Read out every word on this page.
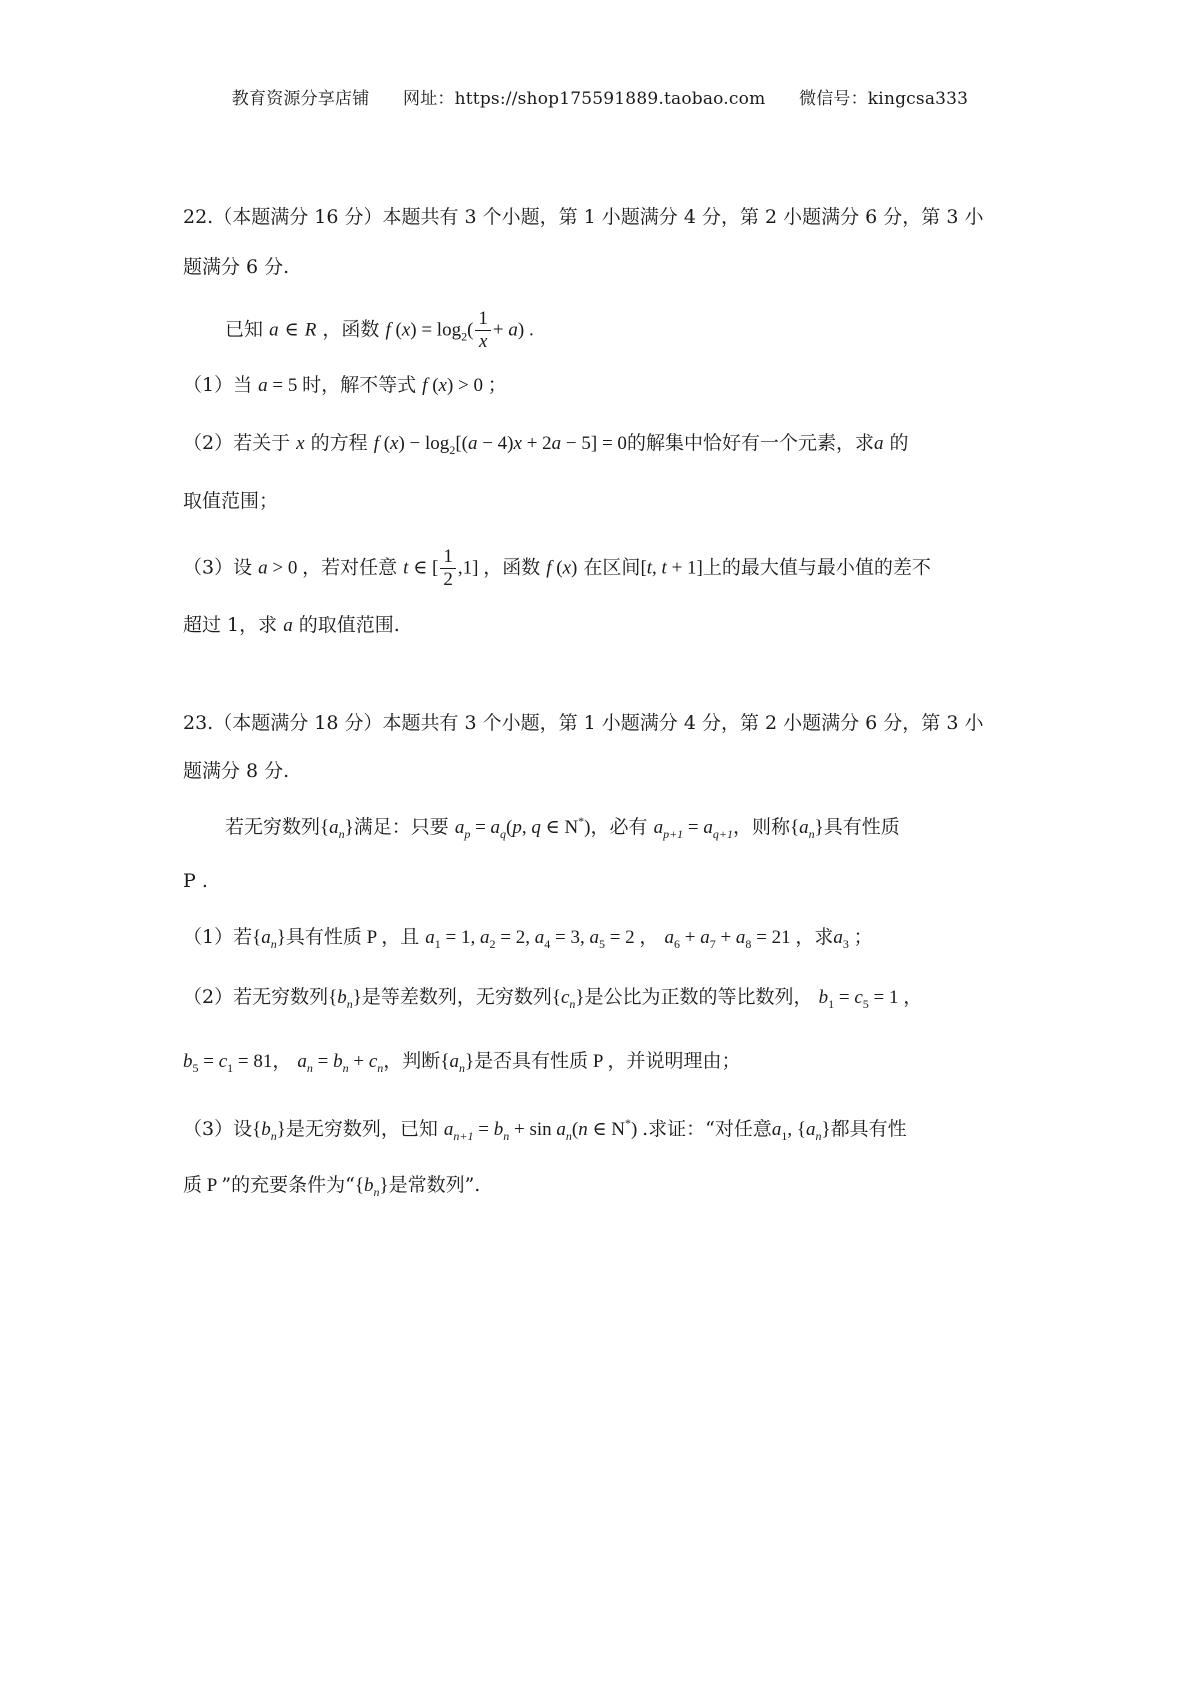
教育资源分享店铺 网址：https://shop175591889.taobao.com 微信号：kingcsa333
22.（本题满分 16 分）本题共有 3 个小题，第 1 小题满分 4 分，第 2 小题满分 6 分，第 3 小
题满分 6 分.
已知 a ∈ R ，函数 f $(x) = \log_2( \frac{1}{x} + a)$ .
（1）当 a = 5 时，解不等式 f (x) > 0 ；
（2）若关于 x 的方程 f $(x) - \log_2[(a - 4)x + 2a - 5] = 0$的解集中恰好有一个元素，求a 的
取值范围；
（3）设 a > 0 ，若对任意 t ∈ [ $\frac{1}{2} ,1$] ，函数 f (x) 在区间[t, t + 1]上的最大值与最小值的差不
超过 1，求 a 的取值范围.
23.（本题满分 18 分）本题共有 3 个小题，第 1 小题满分 4 分，第 2 小题满分 6 分，第 3 小
题满分 8 分.
若无穷数列$\{a_n\}$满足：只要 $a_p = a_q(p$, q ∈ N*)，必有 $a_{p+1} = a_{q+1}$，则称$\{a_n\}$具有性质
P .
（1）若$\{a_n\}$具有性质 P ，且 $a_1 = 1$, $a_2 = 2$, $a_4 = 3$, $a_5 = 2$ ， $a_6 + a_7 + a_8 = 21$ ，求$a_3$ ；
（2）若无穷数列$\{b_n\}$是等差数列，无穷数列$\{c_n\}$是公比为正数的等比数列， $b_1 = c_5 = 1$ ，
$b_5 = c_1 = 81$， $a_n = b_n + c_n$，判断$\{a_n\}$是否具有性质 P ，并说明理由；
（3）设$\{b_n\}$是无穷数列，已知 $a_{n+1} = b_n + \sin a_n(n$ ∈ N*) .求证：“对任意$a_1$, $\{a_n\}$都具有性
质 P ”的充要条件为“$\{b_n\}$是常数列”.
